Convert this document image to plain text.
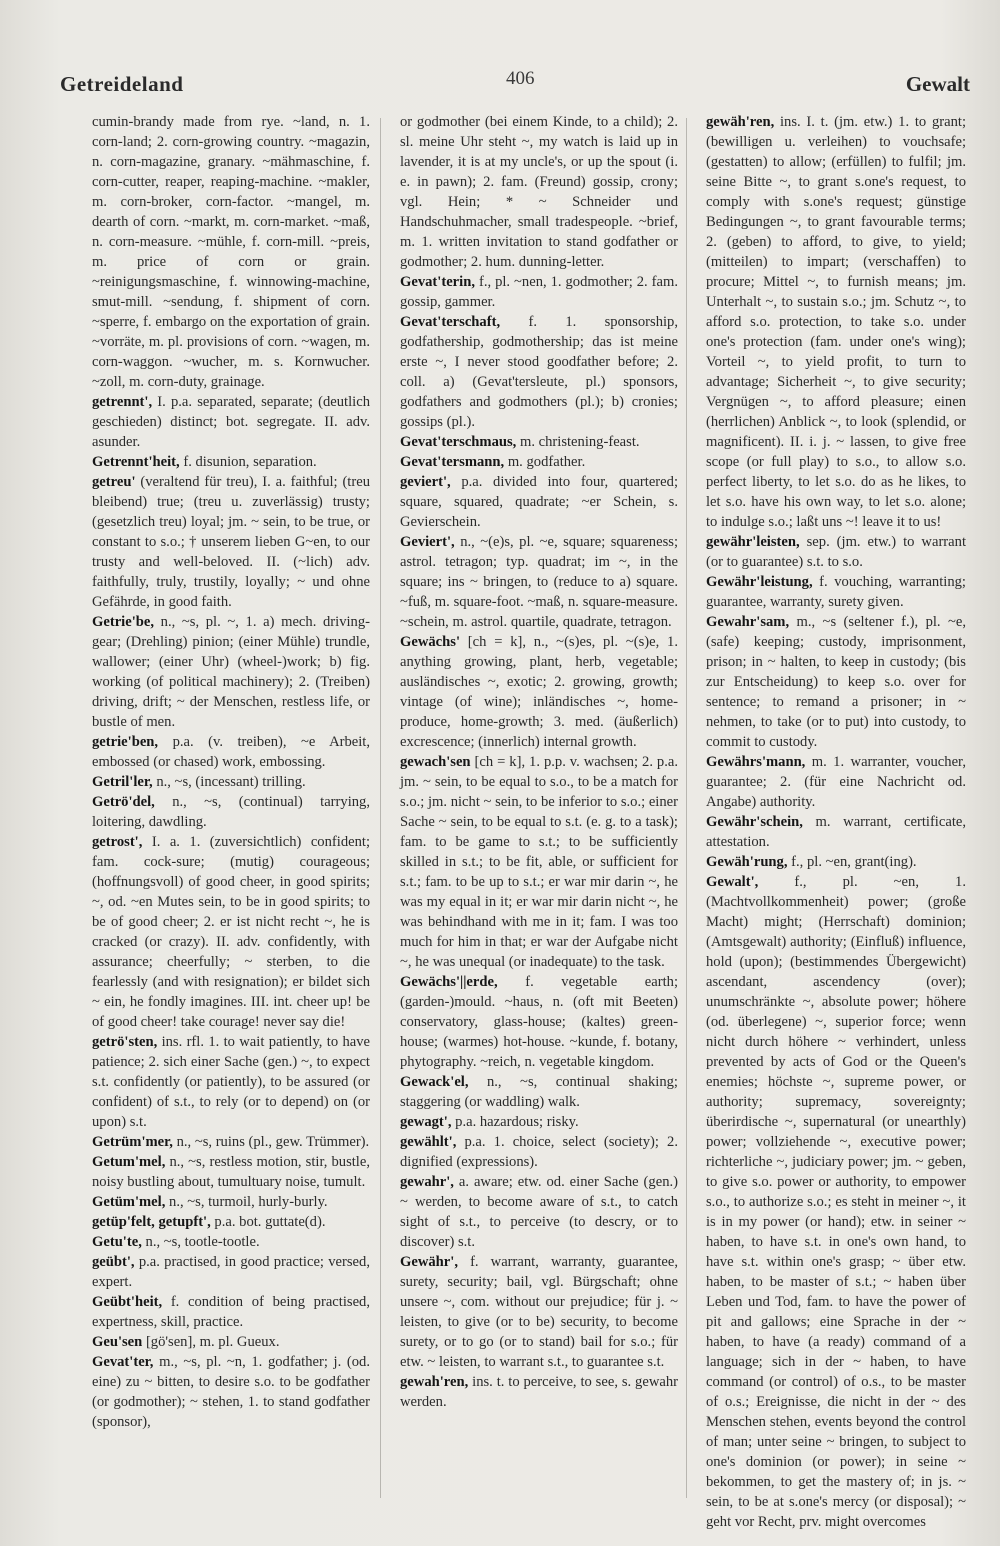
Getreideland	406	Gewalt

cumin-brandy made from rye. ~land, n. 1. corn-land; 2. corn-growing country. ~magazin, n. corn-magazine, granary. ~mähmaschine, f. corn-cutter, reaper, reaping-machine. ~makler, m. corn-broker, corn-factor. ~mangel, m. dearth of corn. ~markt, m. corn-market. ~maß, n. corn-measure. ~mühle, f. corn-mill. ~preis, m. price of corn or grain. ~reinigungsmaschine, f. winnowing-machine, smut-mill. ~sendung, f. shipment of corn. ~sperre, f. embargo on the exportation of grain. ~vorräte, m. pl. provisions of corn. ~wagen, m. corn-waggon. ~wucher, m. s. Kornwucher. ~zoll, m. corn-duty, grainage.

getrennt', I. p.a. separated, separate; (deutlich geschieden) distinct; bot. segregate. II. adv. asunder.

Getrennt'heit, f. disunion, separation.

getreu' (veraltend für treu), I. a. faithful; (treu bleibend) true; (treu u. zuverlässig) trusty; (gesetzlich treu) loyal; jm. ~ sein, to be true, or constant to s.o.; † unserem lieben G~en, to our trusty and well-beloved. II. (~lich) adv. faithfully, truly, trustily, loyally; ~ und ohne Gefährde, in good faith.

Getrie'be, n., ~s, pl. ~, 1. a) mech. driving-gear; (Drehling) pinion; (einer Mühle) trundle, wallower; (einer Uhr) (wheel-)work; b) fig. working (of political machinery); 2. (Treiben) driving, drift; ~ der Menschen, restless life, or bustle of men.

getrie'ben, p.a. (v. treiben), ~e Arbeit, embossed (or chased) work, embossing.

Getril'ler, n., ~s, (incessant) trilling.

Getrö'del, n., ~s, (continual) tarrying, loitering, dawdling.

getrost', I. a. 1. (zuversichtlich) confident; fam. cock-sure; (mutig) courageous; (hoffnungsvoll) of good cheer, in good spirits; ~, od. ~en Mutes sein, to be in good spirits; to be of good cheer; 2. er ist nicht recht ~, he is cracked (or crazy). II. adv. confidently, with assurance; cheerfully; ~ sterben, to die fearlessly (and with resignation); er bildet sich ~ ein, he fondly imagines. III. int. cheer up! be of good cheer! take courage! never say die!

getrö'sten, ins. rfl. 1. to wait patiently, to have patience; 2. sich einer Sache (gen.) ~, to expect s.t. confidently (or patiently), to be assured (or confident) of s.t., to rely (or to depend) on (or upon) s.t.

Getrüm'mer, n., ~s, ruins (pl., gew. Trümmer).

Getum'mel, n., ~s, restless motion, stir, bustle, noisy bustling about, tumultuary noise, tumult.

Getüm'mel, n., ~s, turmoil, hurly-burly.

getüp'felt, getupft', p.a. bot. guttate(d).

Getu'te, n., ~s, tootle-tootle.

geübt', p.a. practised, in good practice; versed, expert.

Geübt'heit, f. condition of being practised, expertness, skill, practice.

Geu'sen [gö'sen], m. pl. Gueux.

Gevat'ter, m., ~s, pl. ~n, 1. godfather; j. (od. eine) zu ~ bitten, to desire s.o. to be godfather (or godmother); ~ stehen, 1. to stand godfather (sponsor),

or godmother (bei einem Kinde, to a child); 2. sl. meine Uhr steht ~, my watch is laid up in lavender, it is at my uncle's, or up the spout (i. e. in pawn); 2. fam. (Freund) gossip, crony; vgl. Hein; * ~ Schneider und Handschuhmacher, small tradespeople. ~brief, m. 1. written invitation to stand godfather or godmother; 2. hum. dunning-letter.

Gevat'terin, f., pl. ~nen, 1. godmother; 2. fam. gossip, gammer.

Gevat'terschaft, f. 1. sponsorship, godfathership, godmothership; das ist meine erste ~, I never stood goodfather before; 2. coll. a) (Gevat'tersleute, pl.) sponsors, godfathers and godmothers (pl.); b) cronies; gossips (pl.).

Gevat'terschmaus, m. christening-feast.

Gevat'tersmann, m. godfather.

geviert', p.a. divided into four, quartered; square, squared, quadrate; ~er Schein, s. Gevierschein.

Geviert', n., ~(e)s, pl. ~e, square; squareness; astrol. tetragon; typ. quadrat; im ~, in the square; ins ~ bringen, to (reduce to a) square. ~fuß, m. square-foot. ~maß, n. square-measure. ~schein, m. astrol. quartile, quadrate, tetragon.

Gewächs' [ch = k], n., ~(s)es, pl. ~(s)e, 1. anything growing, plant, herb, vegetable; ausländisches ~, exotic; 2. growing, growth; vintage (of wine); inländisches ~, home-produce, home-growth; 3. med. (äußerlich) excrescence; (innerlich) internal growth.

gewach'sen [ch = k], 1. p.p. v. wachsen; 2. p.a. jm. ~ sein, to be equal to s.o., to be a match for s.o.; jm. nicht ~ sein, to be inferior to s.o.; einer Sache ~ sein, to be equal to s.t. (e. g. to a task); fam. to be game to s.t.; to be sufficiently skilled in s.t.; to be fit, able, or sufficient for s.t.; fam. to be up to s.t.; er war mir darin ~, he was my equal in it; er war mir darin nicht ~, he was behindhand with me in it; fam. I was too much for him in that; er war der Aufgabe nicht ~, he was unequal (or inadequate) to the task.

Gewächs'||erde, f. vegetable earth; (garden-)mould. ~haus, n. (oft mit Beeten) conservatory, glass-house; (kaltes) green-house; (warmes) hot-house. ~kunde, f. botany, phytography. ~reich, n. vegetable kingdom.

Gewack'el, n., ~s, continual shaking; staggering (or waddling) walk.

gewagt', p.a. hazardous; risky.

gewählt', p.a. 1. choice, select (society); 2. dignified (expressions).

gewahr', a. aware; etw. od. einer Sache (gen.) ~ werden, to become aware of s.t., to catch sight of s.t., to perceive (to descry, or to discover) s.t.

Gewähr', f. warrant, warranty, guarantee, surety, security; bail, vgl. Bürgschaft; ohne unsere ~, com. without our prejudice; für j. ~ leisten, to give (or to be) security, to become surety, or to go (or to stand) bail for s.o.; für etw. ~ leisten, to warrant s.t., to guarantee s.t.

gewah'ren, ins. t. to perceive, to see, s. gewahr werden.

gewäh'ren, ins. I. t. (jm. etw.) 1. to grant; (bewilligen u. verleihen) to vouchsafe; (gestatten) to allow; (erfüllen) to fulfil; jm. seine Bitte ~, to grant s.one's request, to comply with s.one's request; günstige Bedingungen ~, to grant favourable terms; 2. (geben) to afford, to give, to yield; (mitteilen) to impart; (verschaffen) to procure; Mittel ~, to furnish means; jm. Unterhalt ~, to sustain s.o.; jm. Schutz ~, to afford s.o. protection, to take s.o. under one's protection (fam. under one's wing); Vorteil ~, to yield profit, to turn to advantage; Sicherheit ~, to give security; Vergnügen ~, to afford pleasure; einen (herrlichen) Anblick ~, to look (splendid, or magnificent). II. i. j. ~ lassen, to give free scope (or full play) to s.o., to allow s.o. perfect liberty, to let s.o. do as he likes, to let s.o. have his own way, to let s.o. alone; to indulge s.o.; laßt uns ~! leave it to us!

gewähr'leisten, sep. (jm. etw.) to warrant (or to guarantee) s.t. to s.o.

Gewähr'leistung, f. vouching, warranting; guarantee, warranty, surety given.

Gewahr'sam, m., ~s (seltener f.), pl. ~e, (safe) keeping; custody, imprisonment, prison; in ~ halten, to keep in custody; (bis zur Entscheidung) to keep s.o. over for sentence; to remand a prisoner; in ~ nehmen, to take (or to put) into custody, to commit to custody.

Gewährs'mann, m. 1. warranter, voucher, guarantee; 2. (für eine Nachricht od. Angabe) authority.

Gewähr'schein, m. warrant, certificate, attestation.

Gewäh'rung, f., pl. ~en, grant(ing).

Gewalt', f., pl. ~en, 1. (Machtvollkommenheit) power; (große Macht) might; (Herrschaft) dominion; (Amtsgewalt) authority; (Einfluß) influence, hold (upon); (bestimmendes Übergewicht) ascendant, ascendency (over); unumschränkte ~, absolute power; höhere (od. überlegene) ~, superior force; wenn nicht durch höhere ~ verhindert, unless prevented by acts of God or the Queen's enemies; höchste ~, supreme power, or authority; supremacy, sovereignty; überirdische ~, supernatural (or unearthly) power; vollziehende ~, executive power; richterliche ~, judiciary power; jm. ~ geben, to give s.o. power or authority, to empower s.o., to authorize s.o.; es steht in meiner ~, it is in my power (or hand); etw. in seiner ~ haben, to have s.t. in one's own hand, to have s.t. within one's grasp; ~ über etw. haben, to be master of s.t.; ~ haben über Leben und Tod, fam. to have the power of pit and gallows; eine Sprache in der ~ haben, to have (a ready) command of a language; sich in der ~ haben, to have command (or control) of o.s., to be master of o.s.; Ereignisse, die nicht in der ~ des Menschen stehen, events beyond the control of man; unter seine ~ bringen, to subject to one's dominion (or power); in seine ~ bekommen, to get the mastery of; in js. ~ sein, to be at s.one's mercy (or disposal); ~ geht vor Recht, prv. might overcomes
